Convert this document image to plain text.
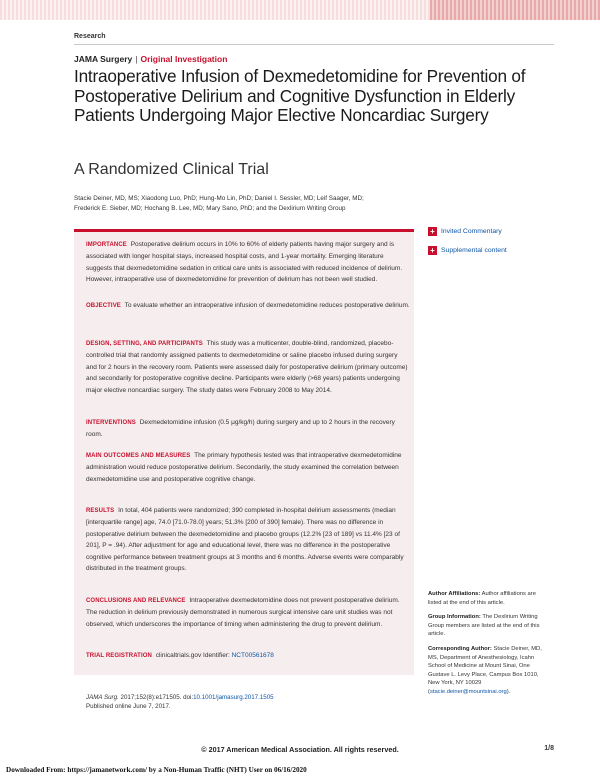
Research
JAMA Surgery | Original Investigation
Intraoperative Infusion of Dexmedetomidine for Prevention of Postoperative Delirium and Cognitive Dysfunction in Elderly Patients Undergoing Major Elective Noncardiac Surgery
A Randomized Clinical Trial
Stacie Deiner, MD, MS; Xiaodong Luo, PhD; Hung-Mo Lin, PhD; Daniel I. Sessler, MD; Leif Saager, MD; Frederick E. Sieber, MD; Hochang B. Lee, MD; Mary Sano, PhD; and the Dexlirium Writing Group
+ Invited Commentary
+ Supplemental content
IMPORTANCE Postoperative delirium occurs in 10% to 60% of elderly patients having major surgery and is associated with longer hospital stays, increased hospital costs, and 1-year mortality. Emerging literature suggests that dexmedetomidine sedation in critical care units is associated with reduced incidence of delirium. However, intraoperative use of dexmedetomidine for prevention of delirium has not been well studied.
OBJECTIVE To evaluate whether an intraoperative infusion of dexmedetomidine reduces postoperative delirium.
DESIGN, SETTING, AND PARTICIPANTS This study was a multicenter, double-blind, randomized, placebo-controlled trial that randomly assigned patients to dexmedetomidine or saline placebo infused during surgery and for 2 hours in the recovery room. Patients were assessed daily for postoperative delirium (primary outcome) and secondarily for postoperative cognitive decline. Participants were elderly (>68 years) patients undergoing major elective noncardiac surgery. The study dates were February 2008 to May 2014.
INTERVENTIONS Dexmedetomidine infusion (0.5 μg/kg/h) during surgery and up to 2 hours in the recovery room.
MAIN OUTCOMES AND MEASURES The primary hypothesis tested was that intraoperative dexmedetomidine administration would reduce postoperative delirium. Secondarily, the study examined the correlation between dexmedetomidine use and postoperative cognitive change.
RESULTS In total, 404 patients were randomized; 390 completed in-hospital delirium assessments (median [interquartile range] age, 74.0 [71.0-78.0] years; 51.3% [200 of 390] female). There was no difference in postoperative delirium between the dexmedetomidine and placebo groups (12.2% [23 of 189] vs 11.4% [23 of 201], P = .94). After adjustment for age and educational level, there was no difference in the postoperative cognitive performance between treatment groups at 3 months and 6 months. Adverse events were comparably distributed in the treatment groups.
CONCLUSIONS AND RELEVANCE Intraoperative dexmedetomidine does not prevent postoperative delirium. The reduction in delirium previously demonstrated in numerous surgical intensive care unit studies was not observed, which underscores the importance of timing when administering the drug to prevent delirium.
TRIAL REGISTRATION clinicaltrials.gov Identifier: NCT00561678
JAMA Surg. 2017;152(8):e171505. doi:10.1001/jamasurg.2017.1505
Published online June 7, 2017.

Author Affiliations: Author affiliations are listed at the end of this article.

Group Information: The Dexlirium Writing Group members are listed at the end of this article.

Corresponding Author: Stacie Deiner, MD, MS, Department of Anesthesiology, Icahn School of Medicine at Mount Sinai, One Gustave L. Levy Place, Campus Box 1010, New York, NY 10029 (stacie.deiner@mountsinai.org).

© 2017 American Medical Association. All rights reserved.	1/8
Downloaded From: https://jamanetwork.com/ by a Non-Human Traffic (NHT) User on 06/16/2020
